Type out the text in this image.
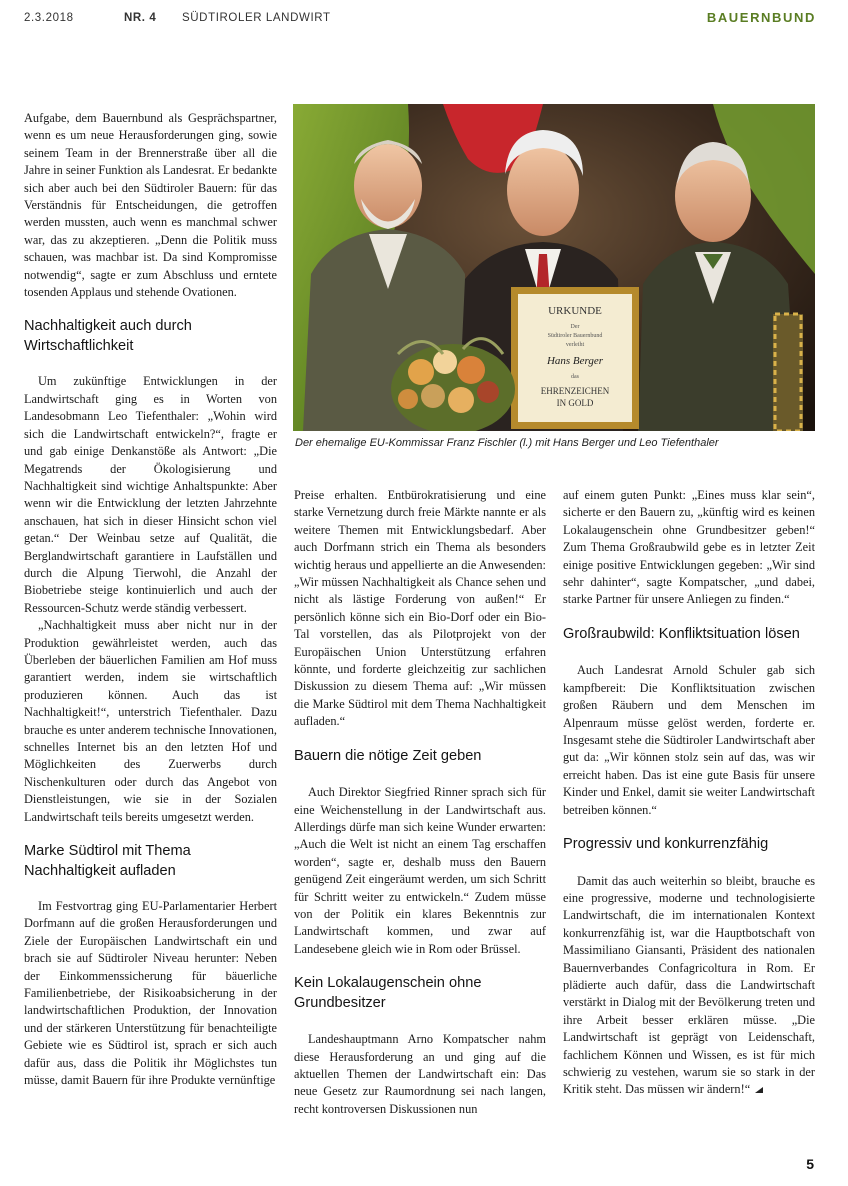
2.3.2018	NR. 4 SÜDTIROLER LANDWIRT	BAUERNBUND

Aufgabe, dem Bauernbund als Gesprächspartner, wenn es um neue Herausforderungen ging, sowie seinem Team in der Brennerstraße über all die Jahre in seiner Funktion als Landesrat. Er bedankte sich aber auch bei den Südtiroler Bauern: für das Verständnis für Entscheidungen, die getroffen werden mussten, auch wenn es manchmal schwer war, das zu akzeptieren. „Denn die Politik muss schauen, was machbar ist. Da sind Kompromisse notwendig“, sagte er zum Abschluss und erntete tosenden Applaus und stehende Ovationen.

Nachhaltigkeit auch durch Wirtschaftlichkeit

Um zukünftige Entwicklungen in der Landwirtschaft ging es in Worten von Landesobmann Leo Tiefenthaler: „Wohin wird sich die Landwirtschaft entwickeln?“, fragte er und gab einige Denkanstöße als Antwort: „Die Megatrends der Ökologisierung und Nachhaltigkeit sind wichtige Anhaltspunkte: Aber wenn wir die Entwicklung der letzten Jahrzehnte anschauen, hat sich in dieser Hinsicht schon viel getan.“ Der Weinbau setze auf Qualität, die Berglandwirtschaft garantiere in Laufställen und durch die Alpung Tierwohl, die Anzahl der Biobetriebe steige kontinuierlich und auch der Ressourcen-Schutz werde ständig verbessert.

„Nachhaltigkeit muss aber nicht nur in der Produktion gewährleistet werden, auch das Überleben der bäuerlichen Familien am Hof muss garantiert werden, indem sie wirtschaftlich produzieren können. Auch das ist Nachhaltigkeit!“, unterstrich Tiefenthaler. Dazu brauche es unter anderem technische Innovationen, schnelles Internet bis an den letzten Hof und Möglichkeiten des Zuerwerbs durch Nischenkulturen oder durch das Angebot von Dienstleistungen, wie sie in der Sozialen Landwirtschaft teils bereits umgesetzt werden.

Marke Südtirol mit Thema Nachhaltigkeit aufladen

Im Festvortrag ging EU-Parlamentarier Herbert Dorfmann auf die großen Herausforderungen und Ziele der Europäischen Landwirtschaft ein und brach sie auf Südtiroler Niveau herunter: Neben der Einkommenssicherung für bäuerliche Familienbetriebe, der Risikoabsicherung in der landwirtschaftlichen Produktion, der Innovation und der stärkeren Unterstützung für benachteiligte Gebiete wie es Südtirol ist, sprach er sich auch dafür aus, dass die Politik ihr Möglichstes tun müsse, damit Bauern für ihre Produkte vernünftige

URKUNDE
Der
Südtiroler Bauernbund
verleiht
Hans Berger
das
EHRENZEICHEN
IN GOLD
Der ehemalige EU-Kommissar Franz Fischler (l.) mit Hans Berger und Leo Tiefenthaler

Preise erhalten. Entbürokratisierung und eine starke Vernetzung durch freie Märkte nannte er als weitere Themen mit Entwicklungsbedarf. Aber auch Dorfmann strich ein Thema als besonders wichtig heraus und appellierte an die Anwesenden: „Wir müssen Nachhaltigkeit als Chance sehen und nicht als lästige Forderung von außen!“ Er persönlich könne sich ein Bio-Dorf oder ein Bio-Tal vorstellen, das als Pilotprojekt von der Europäischen Union Unterstützung erfahren könnte, und forderte gleichzeitig zur sachlichen Diskussion zu diesem Thema auf: „Wir müssen die Marke Südtirol mit dem Thema Nachhaltigkeit aufladen.“

Bauern die nötige Zeit geben

Auch Direktor Siegfried Rinner sprach sich für eine Weichenstellung in der Landwirtschaft aus. Allerdings dürfe man sich keine Wunder erwarten: „Auch die Welt ist nicht an einem Tag erschaffen worden“, sagte er, deshalb muss den Bauern genügend Zeit eingeräumt werden, um sich Schritt für Schritt weiter zu entwickeln.“ Zudem müsse von der Politik ein klares Bekenntnis zur Landwirtschaft kommen, und zwar auf Landesebene gleich wie in Rom oder Brüssel.

Kein Lokalaugenschein ohne Grundbesitzer

Landeshauptmann Arno Kompatscher nahm diese Herausforderung an und ging auf die aktuellen Themen der Landwirtschaft ein: Das neue Gesetz zur Raumordnung sei nach langen, recht kontroversen Diskussionen nun

auf einem guten Punkt: „Eines muss klar sein“, sicherte er den Bauern zu, „künftig wird es keinen Lokalaugenschein ohne Grundbesitzer geben!“ Zum Thema Großraubwild gebe es in letzter Zeit einige positive Entwicklungen gegeben: „Wir sind sehr dahinter“, sagte Kompatscher, „und dabei, starke Partner für unsere Anliegen zu finden.“

Großraubwild: Konfliktsituation lösen

Auch Landesrat Arnold Schuler gab sich kampfbereit: Die Konfliktsituation zwischen großen Räubern und dem Menschen im Alpenraum müsse gelöst werden, forderte er. Insgesamt stehe die Südtiroler Landwirtschaft aber gut da: „Wir können stolz sein auf das, was wir erreicht haben. Das ist eine gute Basis für unsere Kinder und Enkel, damit sie weiter Landwirtschaft betreiben können.“

Progressiv und konkurrenzfähig

Damit das auch weiterhin so bleibt, brauche es eine progressive, moderne und technologisierte Landwirtschaft, die im internationalen Kontext konkurrenzfähig ist, war die Hauptbotschaft von Massimiliano Giansanti, Präsident des nationalen Bauernverbandes Confagricoltura in Rom. Er plädierte auch dafür, dass die Landwirtschaft verstärkt in Dialog mit der Bevölkerung treten und ihre Arbeit besser erklären müsse. „Die Landwirtschaft ist geprägt von Leidenschaft, fachlichem Können und Wissen, es ist für mich schwierig zu vestehen, warum sie so stark in der Kritik steht. Das müssen wir ändern!“

5
